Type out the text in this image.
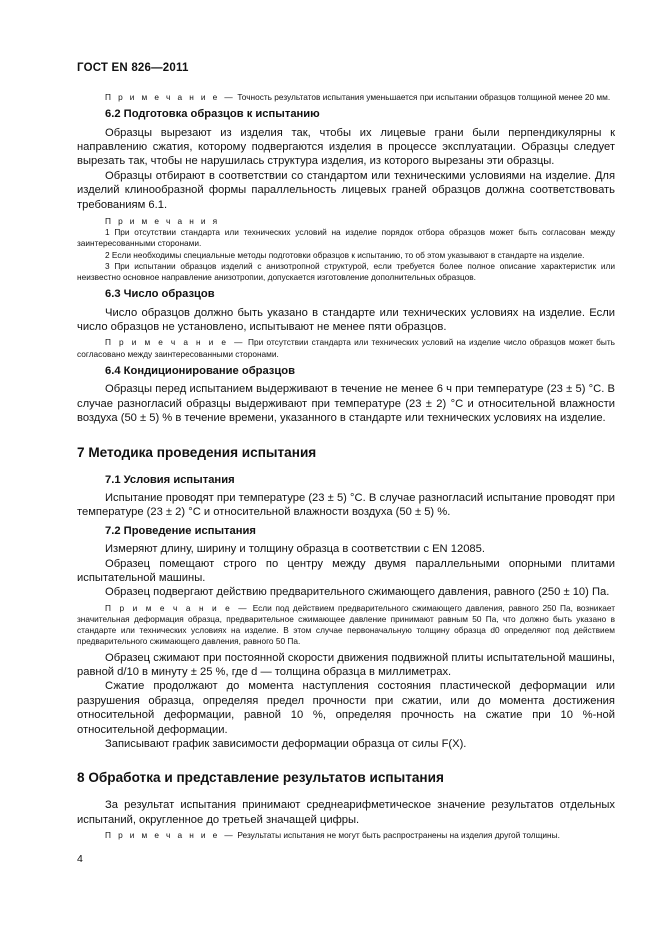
ГОСТ EN 826—2011

П р и м е ч а н и е — Точность результатов испытания уменьшается при испытании образцов толщиной менее 20 мм.

6.2 Подготовка образцов к испытанию

Образцы вырезают из изделия так, чтобы их лицевые грани были перпендикулярны к направлению сжатия, которому подвергаются изделия в процессе эксплуатации. Образцы следует вырезать так, чтобы не нарушилась структура изделия, из которого вырезаны эти образцы.

Образцы отбирают в соответствии со стандартом или техническими условиями на изделие. Для изделий клинообразной формы параллельность лицевых граней образцов должна соответствовать требованиям 6.1.

П р и м е ч а н и я

1 При отсутствии стандарта или технических условий на изделие порядок отбора образцов может быть согласован между заинтересованными сторонами.

2 Если необходимы специальные методы подготовки образцов к испытанию, то об этом указывают в стандарте на изделие.

3 При испытании образцов изделий с анизотропной структурой, если требуется более полное описание характеристик или неизвестно основное направление анизотропии, допускается изготовление дополнительных образцов.

6.3 Число образцов

Число образцов должно быть указано в стандарте или технических условиях на изделие. Если число образцов не установлено, испытывают не менее пяти образцов.

П р и м е ч а н и е — При отсутствии стандарта или технических условий на изделие число образцов может быть согласовано между заинтересованными сторонами.

6.4 Кондиционирование образцов

Образцы перед испытанием выдерживают в течение не менее 6 ч при температуре (23 ± 5) °С. В случае разногласий образцы выдерживают при температуре (23 ± 2) °С и относительной влажности воздуха (50 ± 5) % в течение времени, указанного в стандарте или технических условиях на изделие.

7 Методика проведения испытания

7.1 Условия испытания

Испытание проводят при температуре (23 ± 5) °С. В случае разногласий испытание проводят при температуре (23 ± 2) °С и относительной влажности воздуха (50 ± 5) %.

7.2 Проведение испытания

Измеряют длину, ширину и толщину образца в соответствии с EN 12085.

Образец помещают строго по центру между двумя параллельными опорными плитами испытательной машины.

Образец подвергают действию предварительного сжимающего давления, равного (250 ± 10) Па.

П р и м е ч а н и е — Если под действием предварительного сжимающего давления, равного 250 Па, возникает значительная деформация образца, предварительное сжимающее давление принимают равным 50 Па, что должно быть указано в стандарте или технических условиях на изделие. В этом случае первоначальную толщину образца d0 определяют под действием предварительного сжимающего давления, равного 50 Па.

Образец сжимают при постоянной скорости движения подвижной плиты испытательной машины, равной d/10 в минуту ± 25 %, где d — толщина образца в миллиметрах.

Сжатие продолжают до момента наступления состояния пластической деформации или разрушения образца, определяя предел прочности при сжатии, или до момента достижения относительной деформации, равной 10 %, определяя прочность на сжатие при 10 %-ной относительной деформации.

Записывают график зависимости деформации образца от силы F(X).

8 Обработка и представление результатов испытания

За результат испытания принимают среднеарифметическое значение результатов отдельных испытаний, округленное до третьей значащей цифры.

П р и м е ч а н и е — Результаты испытания не могут быть распространены на изделия другой толщины.

4
